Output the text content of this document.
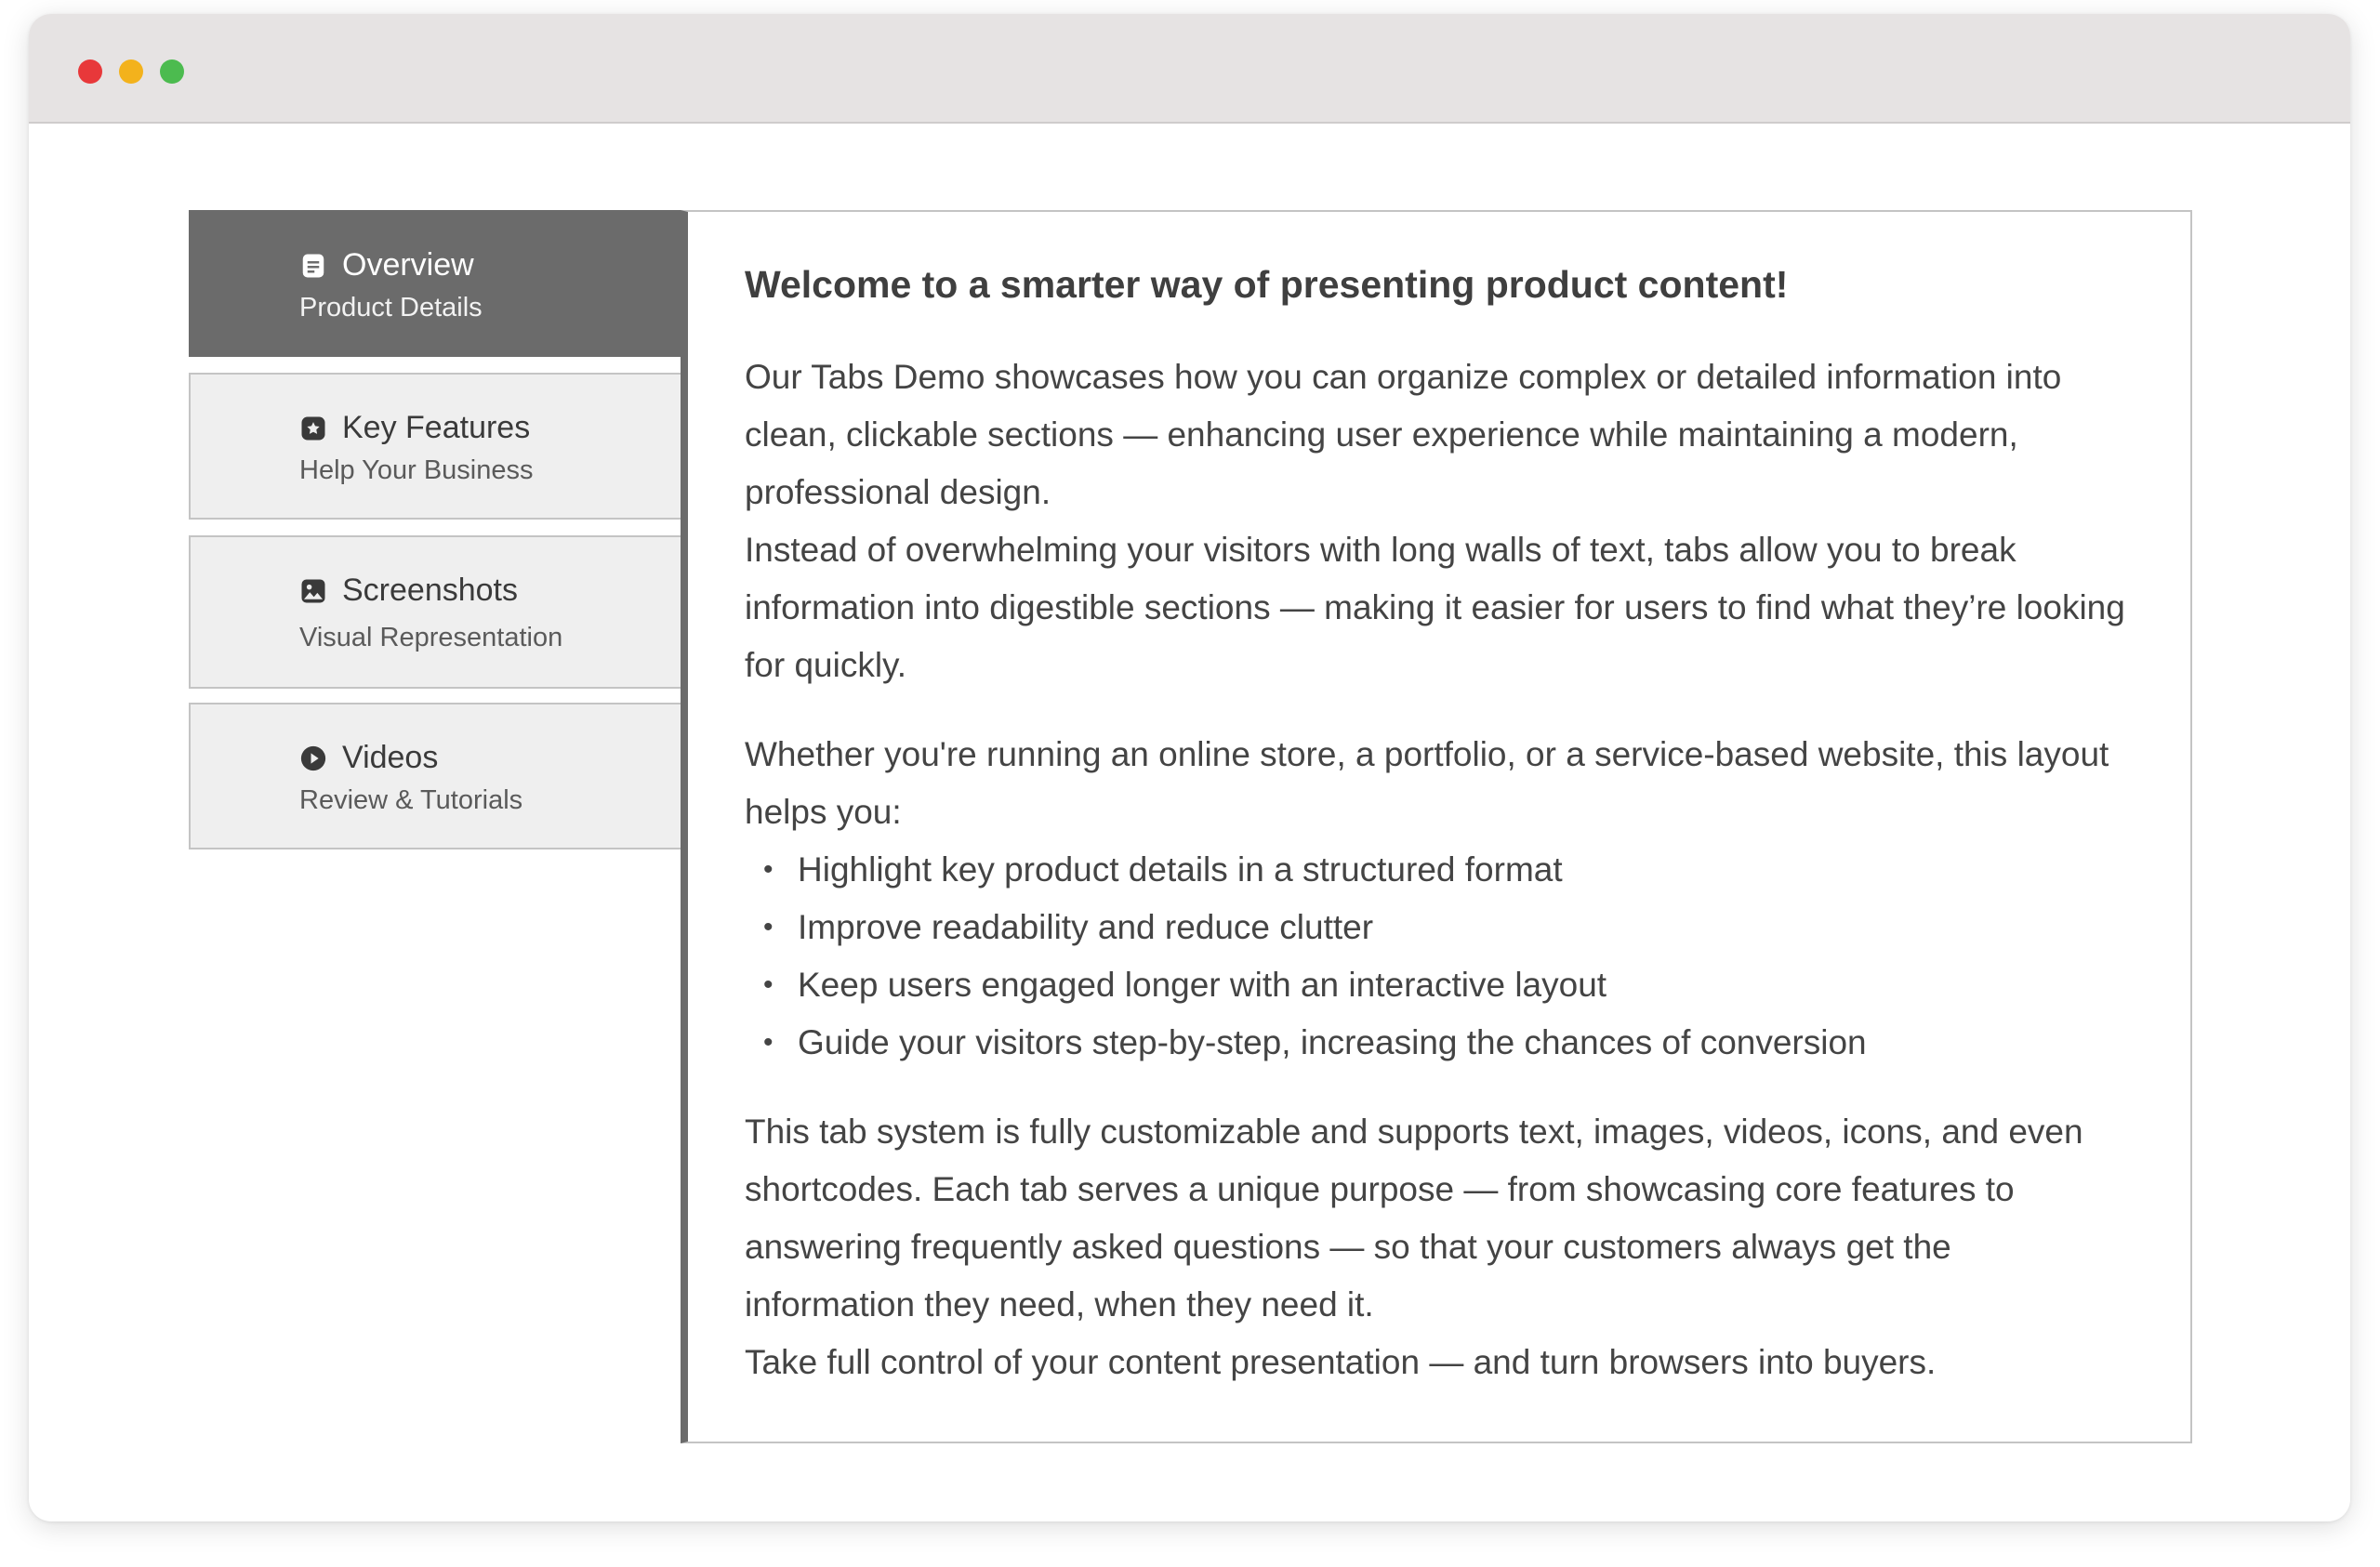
Overview
Product Details
Key Features
Help Your Business
Screenshots
Visual Representation
Videos
Review & Tutorials
Welcome to a smarter way of presenting product content!

Our Tabs Demo showcases how you can organize complex or detailed information into clean, clickable sections — enhancing user experience while maintaining a modern, professional design.

Instead of overwhelming your visitors with long walls of text, tabs allow you to break information into digestible sections — making it easier for users to find what they’re looking for quickly.

Whether you're running an online store, a portfolio, or a service-based website, this layout helps you:

• Highlight key product details in a structured format
• Improve readability and reduce clutter
• Keep users engaged longer with an interactive layout
• Guide your visitors step-by-step, increasing the chances of conversion

This tab system is fully customizable and supports text, images, videos, icons, and even shortcodes. Each tab serves a unique purpose — from showcasing core features to answering frequently asked questions — so that your customers always get the information they need, when they need it.

Take full control of your content presentation — and turn browsers into buyers.
